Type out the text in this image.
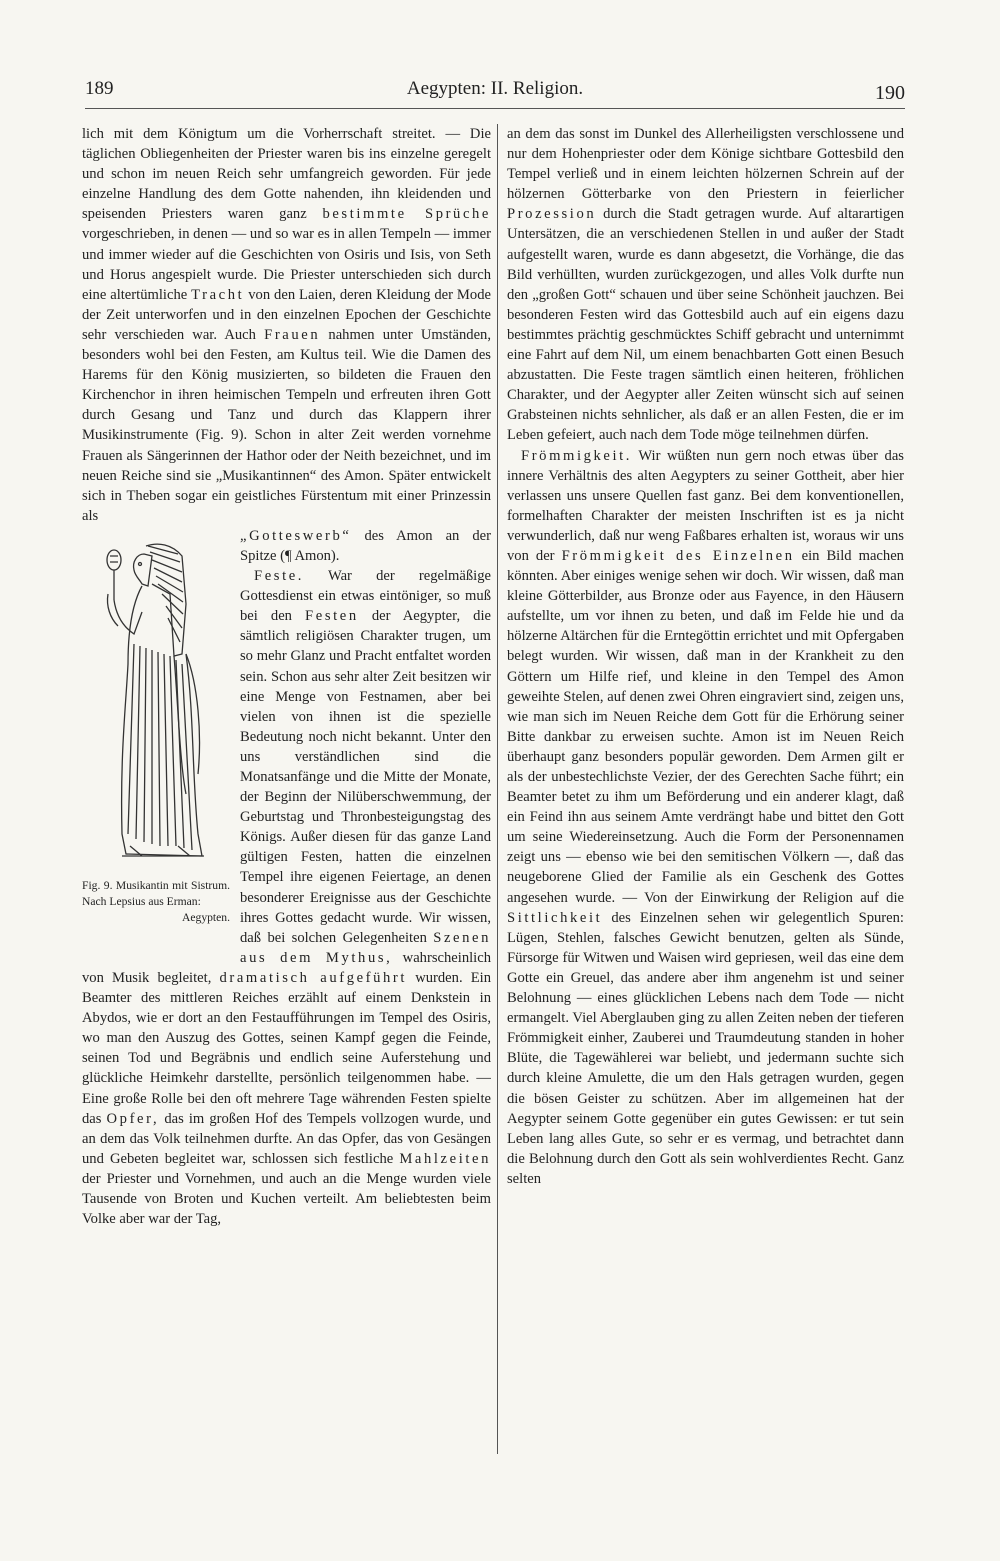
189	Aegypten: II. Religion.	190

lich mit dem Königtum um die Vorherrschaft streitet. — Die täglichen Obliegenheiten der Priester waren bis ins einzelne geregelt und schon im neuen Reich sehr umfangreich geworden. Für jede einzelne Handlung des dem Gotte nahenden, ihn kleidenden und speisenden Priesters waren ganz bestimmte Sprüche vorgeschrieben, in denen — und so war es in allen Tempeln — immer und immer wieder auf die Geschichten von Osiris und Isis, von Seth und Horus angespielt wurde. Die Priester unterschieden sich durch eine altertümliche Tracht von den Laien, deren Kleidung der Mode der Zeit unterworfen und in den einzelnen Epochen der Geschichte sehr verschieden war. Auch Frauen nahmen unter Umständen, besonders wohl bei den Festen, am Kultus teil. Wie die Damen des Harems für den König musizierten, so bildeten die Frauen den Kirchenchor in ihren heimischen Tempeln und erfreuten ihren Gott durch Gesang und Tanz und durch das Klappern ihrer Musikinstrumente (Fig. 9). Schon in alter Zeit werden vornehme Frauen als Sängerinnen der Hathor oder der Neith bezeichnet, und im neuen Reiche sind sie „Musikantinnen“ des Amon. Später entwickelt sich in Theben sogar ein geistliches Fürstentum mit einer Prinzessin als

Fig. 9. Musikantin mit Sistrum. Nach Lepsius aus Erman:
Aegypten.

„Gotteswerb“ des Amon an der Spitze (¶ Amon).

Feste. War der regelmäßige Gottesdienst ein etwas eintöniger, so muß bei den Festen der Aegypter, die sämtlich religiösen Charakter trugen, um so mehr Glanz und Pracht entfaltet worden sein. Schon aus sehr alter Zeit besitzen wir eine Menge von Festnamen, aber bei vielen von ihnen ist die spezielle Bedeutung noch nicht bekannt. Unter den uns verständlichen sind die Monatsanfänge und die Mitte der Monate, der Beginn der Nilüberschwemmung, der Geburtstag und Thronbesteigungstag des Königs. Außer diesen für das ganze Land gültigen Festen, hatten die einzelnen Tempel ihre eigenen Feiertage, an denen besonderer Ereignisse aus der Geschichte ihres Gottes gedacht wurde. Wir wissen, daß bei solchen Gelegenheiten Szenen aus dem Mythus, wahrscheinlich von Musik begleitet, dramatisch aufgeführt wurden. Ein Beamter des mittleren Reiches erzählt auf einem Denkstein in Abydos, wie er dort an den Festaufführungen im Tempel des Osiris, wo man den Auszug des Gottes, seinen Kampf gegen die Feinde, seinen Tod und Begräbnis und endlich seine Auferstehung und glückliche Heimkehr darstellte, persönlich teilgenommen habe. — Eine große Rolle bei den oft mehrere Tage währenden Festen spielte das Opfer, das im großen Hof des Tempels vollzogen wurde, und an dem das Volk teilnehmen durfte. An das Opfer, das von Gesängen und Gebeten begleitet war, schlossen sich festliche Mahlzeiten der Priester und Vornehmen, und auch an die Menge wurden viele Tausende von Broten und Kuchen verteilt. Am beliebtesten beim Volke aber war der Tag,

an dem das sonst im Dunkel des Allerheiligsten verschlossene und nur dem Hohenpriester oder dem Könige sichtbare Gottesbild den Tempel verließ und in einem leichten hölzernen Schrein auf der hölzernen Götterbarke von den Priestern in feierlicher Prozession durch die Stadt getragen wurde. Auf altarartigen Untersätzen, die an verschiedenen Stellen in und außer der Stadt aufgestellt waren, wurde es dann abgesetzt, die Vorhänge, die das Bild verhüllten, wurden zurückgezogen, und alles Volk durfte nun den „großen Gott“ schauen und über seine Schönheit jauchzen. Bei besonderen Festen wird das Gottesbild auch auf ein eigens dazu bestimmtes prächtig geschmücktes Schiff gebracht und unternimmt eine Fahrt auf dem Nil, um einem benachbarten Gott einen Besuch abzustatten. Die Feste tragen sämtlich einen heiteren, fröhlichen Charakter, und der Aegypter aller Zeiten wünscht sich auf seinen Grabsteinen nichts sehnlicher, als daß er an allen Festen, die er im Leben gefeiert, auch nach dem Tode möge teilnehmen dürfen.

Frömmigkeit. Wir wüßten nun gern noch etwas über das innere Verhältnis des alten Aegypters zu seiner Gottheit, aber hier verlassen uns unsere Quellen fast ganz. Bei dem konventionellen, formelhaften Charakter der meisten Inschriften ist es ja nicht verwunderlich, daß nur weng Faßbares erhalten ist, woraus wir uns von der Frömmigkeit des Einzelnen ein Bild machen könnten. Aber einiges wenige sehen wir doch. Wir wissen, daß man kleine Götterbilder, aus Bronze oder aus Fayence, in den Häusern aufstellte, um vor ihnen zu beten, und daß im Felde hie und da hölzerne Altärchen für die Erntegöttin errichtet und mit Opfergaben belegt wurden. Wir wissen, daß man in der Krankheit zu den Göttern um Hilfe rief, und kleine in den Tempel des Amon geweihte Stelen, auf denen zwei Ohren eingraviert sind, zeigen uns, wie man sich im Neuen Reiche dem Gott für die Erhörung seiner Bitte dankbar zu erweisen suchte. Amon ist im Neuen Reich überhaupt ganz besonders populär geworden. Dem Armen gilt er als der unbestechlichste Vezier, der des Gerechten Sache führt; ein Beamter betet zu ihm um Beförderung und ein anderer klagt, daß ein Feind ihn aus seinem Amte verdrängt habe und bittet den Gott um seine Wiedereinsetzung. Auch die Form der Personennamen zeigt uns — ebenso wie bei den semitischen Völkern —, daß das neugeborene Glied der Familie als ein Geschenk des Gottes angesehen wurde. — Von der Einwirkung der Religion auf die Sittlichkeit des Einzelnen sehen wir gelegentlich Spuren: Lügen, Stehlen, falsches Gewicht benutzen, gelten als Sünde, Fürsorge für Witwen und Waisen wird gepriesen, weil das eine dem Gotte ein Greuel, das andere aber ihm angenehm ist und seiner Belohnung — eines glücklichen Lebens nach dem Tode — nicht ermangelt. Viel Aberglauben ging zu allen Zeiten neben der tieferen Frömmigkeit einher, Zauberei und Traumdeutung standen in hoher Blüte, die Tagewählerei war beliebt, und jedermann suchte sich durch kleine Amulette, die um den Hals getragen wurden, gegen die bösen Geister zu schützen. Aber im allgemeinen hat der Aegypter seinem Gotte gegenüber ein gutes Gewissen: er tut sein Leben lang alles Gute, so sehr er es vermag, und betrachtet dann die Belohnung durch den Gott als sein wohlverdientes Recht. Ganz selten
